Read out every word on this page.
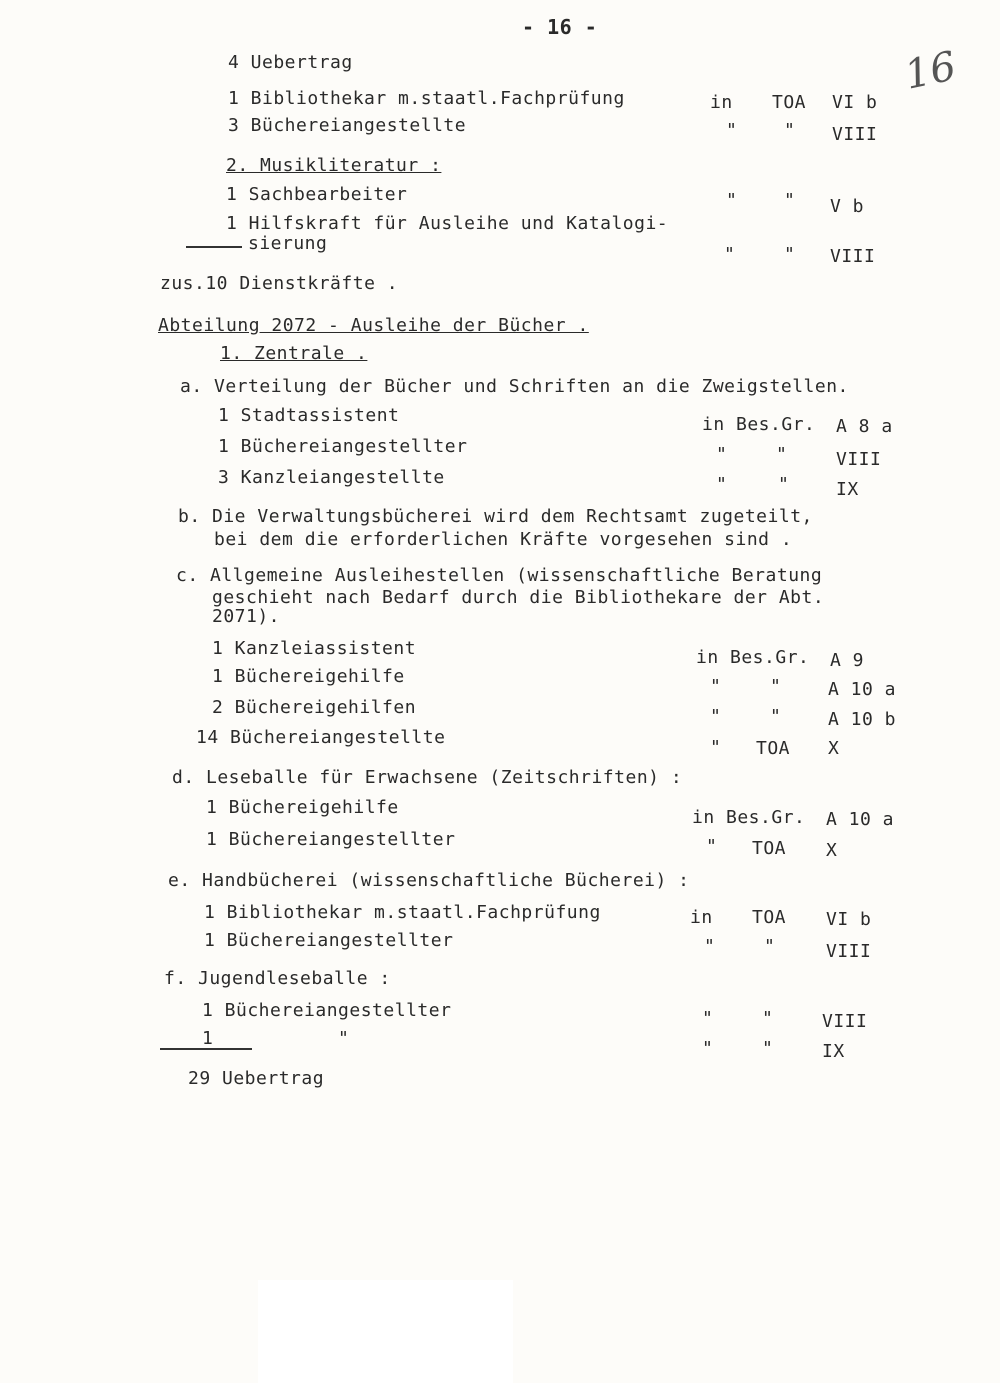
- 16 -
16
4 Uebertrag
1 Bibliothekar m.staatl.Fachprüfung	in TOA VI b
3 Büchereiangestellte	"	" VIII
2. Musikliteratur :
1 Sachbearbeiter	"	" V b
1 Hilfskraft für Ausleihe und Katalogi-
sierung
"	" VIII
zus.10 Dienstkräfte .
Abteilung 2072 - Ausleihe der Bücher .
1. Zentrale .
a. Verteilung der Bücher und Schriften an die Zweigstellen.
1 Stadtassistent	in Bes.Gr. A 8 a
1 Büchereiangestellter	"	"	VIII
3 Kanzleiangestellte	"	"	IX
b. Die Verwaltungsbücherei wird dem Rechtsamt zugeteilt,
bei dem die erforderlichen Kräfte vorgesehen sind .
c. Allgemeine Ausleihestellen (wissenschaftliche Beratung
geschieht nach Bedarf durch die Bibliothekare der Abt.
2071).
1 Kanzleiassistent	in Bes.Gr. A 9
1 Büchereigehilfe	"	"	A 10 a
2 Büchereigehilfen	"	"	A 10 b
14 Büchereiangestellte	" TOA X
d. Leseballe für Erwachsene (Zeitschriften) :
1 Büchereigehilfe	in Bes.Gr. A 10 a
1 Büchereiangestellter	" TOA X
e. Handbücherei (wissenschaftliche Bücherei) :
1 Bibliothekar m.staatl.Fachprüfung	in TOA VI b
1 Büchereiangestellter	"	"	VIII
f. Jugendleseballe :
1 Büchereiangestellter	"	"	VIII
1	"	"	"	IX
29 Uebertrag
